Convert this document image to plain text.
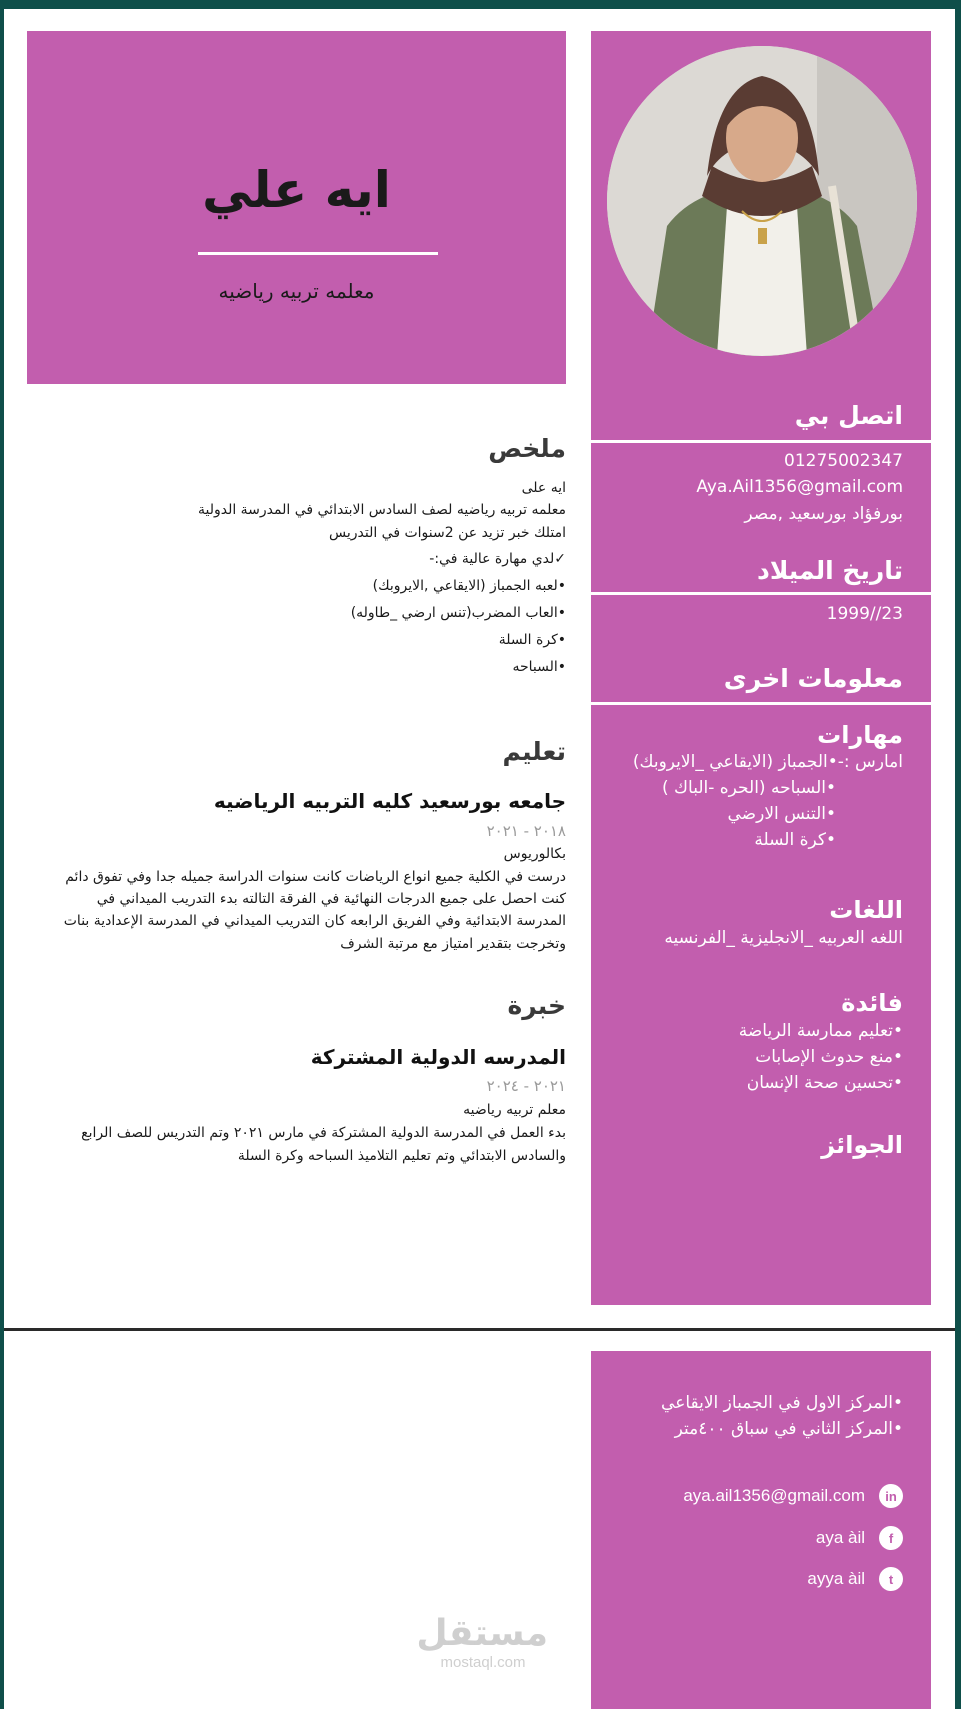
ايه علي
معلمه تربيه رياضيه
ملخص
ايه على
معلمه تربيه رياضيه لصف السادس الابتدائي في المدرسة الدولية
امتلك خبر تزيد عن 2سنوات في التدريس
✓لدي مهارة عالية في:-
•لعبه الجمباز (الايقاعي ,الايروبك)
•العاب المضرب(تنس ارضي _طاوله)
•كرة السلة
•السباحه
تعليم
جامعه بورسعيد كليه التربيه الرياضيه
٢٠١٨ - ٢٠٢١
بكالوريوس
درست في الكلية جميع انواع الرياضات كانت سنوات الدراسة جميله جدا وفي تفوق دائم
كنت احصل على جميع الدرجات النهائية في الفرقة التالته بدء التدريب الميداني في
المدرسة الابتدائية وفي الفريق الرابعه كان التدريب الميداني في المدرسة الإعدادية بنات
وتخرجت بتقدير امتياز مع مرتبة الشرف
خبرة
المدرسه الدولية المشتركة
٢٠٢١ - ٢٠٢٤
معلم تربيه رياضيه
بدء العمل في المدرسة الدولية المشتركة في مارس ٢٠٢١ وتم التدريس للصف الرابع
والسادس الابتدائي وتم تعليم التلاميذ السباحه وكرة السلة
اتصل بي
01275002347
Aya.Ail1356@gmail.com
بورفؤاد بورسعيد ,مصر
تاريخ الميلاد
1999//23
معلومات اخرى
مهارات
امارس :-•الجمباز (الايقاعي _الايروبك)
•السباحه (الحره -الباك )
•التنس الارضي
•كرة السلة
اللغات
اللغه العربيه _الانجليزية _الفرنسيه
فائدة
•تعليم ممارسة الرياضة
•منع حدوث الإصابات
•تحسين صحة الإنسان
الجوائز
•المركز الاول في الجمباز الايقاعي
•المركز الثاني في سباق ٤٠٠متر
aya.ail1356@gmail.com	in
aya àil	f
ayya àil	t
مستقل
mostaql.com
